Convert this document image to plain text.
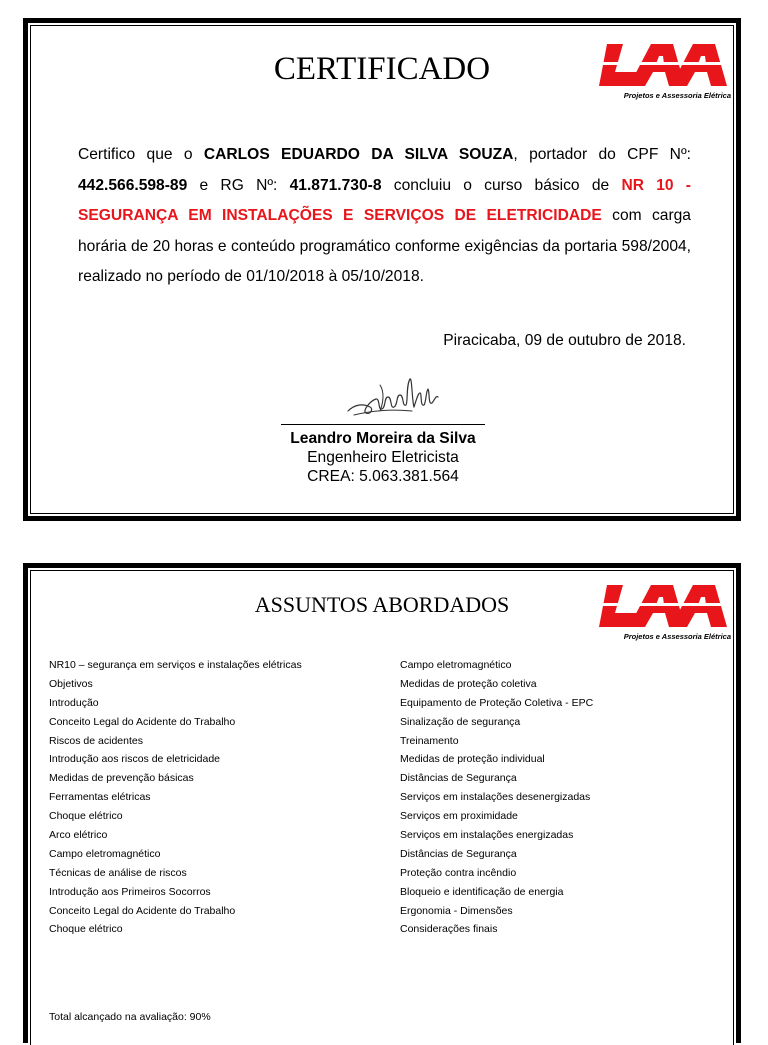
Projetos e Assessoria Elétrica
CERTIFICADO

Certifico que o CARLOS EDUARDO DA SILVA SOUZA, portador do CPF Nº: 442.566.598-89 e RG Nº: 41.871.730-8 concluiu o curso básico de NR 10 - SEGURANÇA EM INSTALAÇÕES E SERVIÇOS DE ELETRICIDADE com carga horária de 20 horas e conteúdo programático conforme exigências da portaria 598/2004, realizado no período de 01/10/2018 à 05/10/2018.

Piracicaba, 09 de outubro de 2018.
Leandro Moreira da Silva
Engenheiro Eletricista
CREA: 5.063.381.564
Projetos e Assessoria Elétrica
ASSUNTOS ABORDADOS
NR10 – segurança em serviços e instalações elétricas
Objetivos
Introdução
Conceito Legal do Acidente do Trabalho
Riscos de acidentes
Introdução aos riscos de eletricidade
Medidas de prevenção básicas
Ferramentas elétricas
Choque elétrico
Arco elétrico
Campo eletromagnético
Técnicas de análise de riscos
Introdução aos Primeiros Socorros
Conceito Legal do Acidente do Trabalho
Choque elétrico
Campo eletromagnético
Medidas de proteção coletiva
Equipamento de Proteção Coletiva - EPC
Sinalização de segurança
Treinamento
Medidas de proteção individual
Distâncias de Segurança
Serviços em instalações desenergizadas
Serviços em proximidade
Serviços em instalações energizadas
Distâncias de Segurança
Proteção contra incêndio
Bloqueio e identificação de energia
Ergonomia - Dimensões
Considerações finais
Total alcançado na avaliação: 90%
